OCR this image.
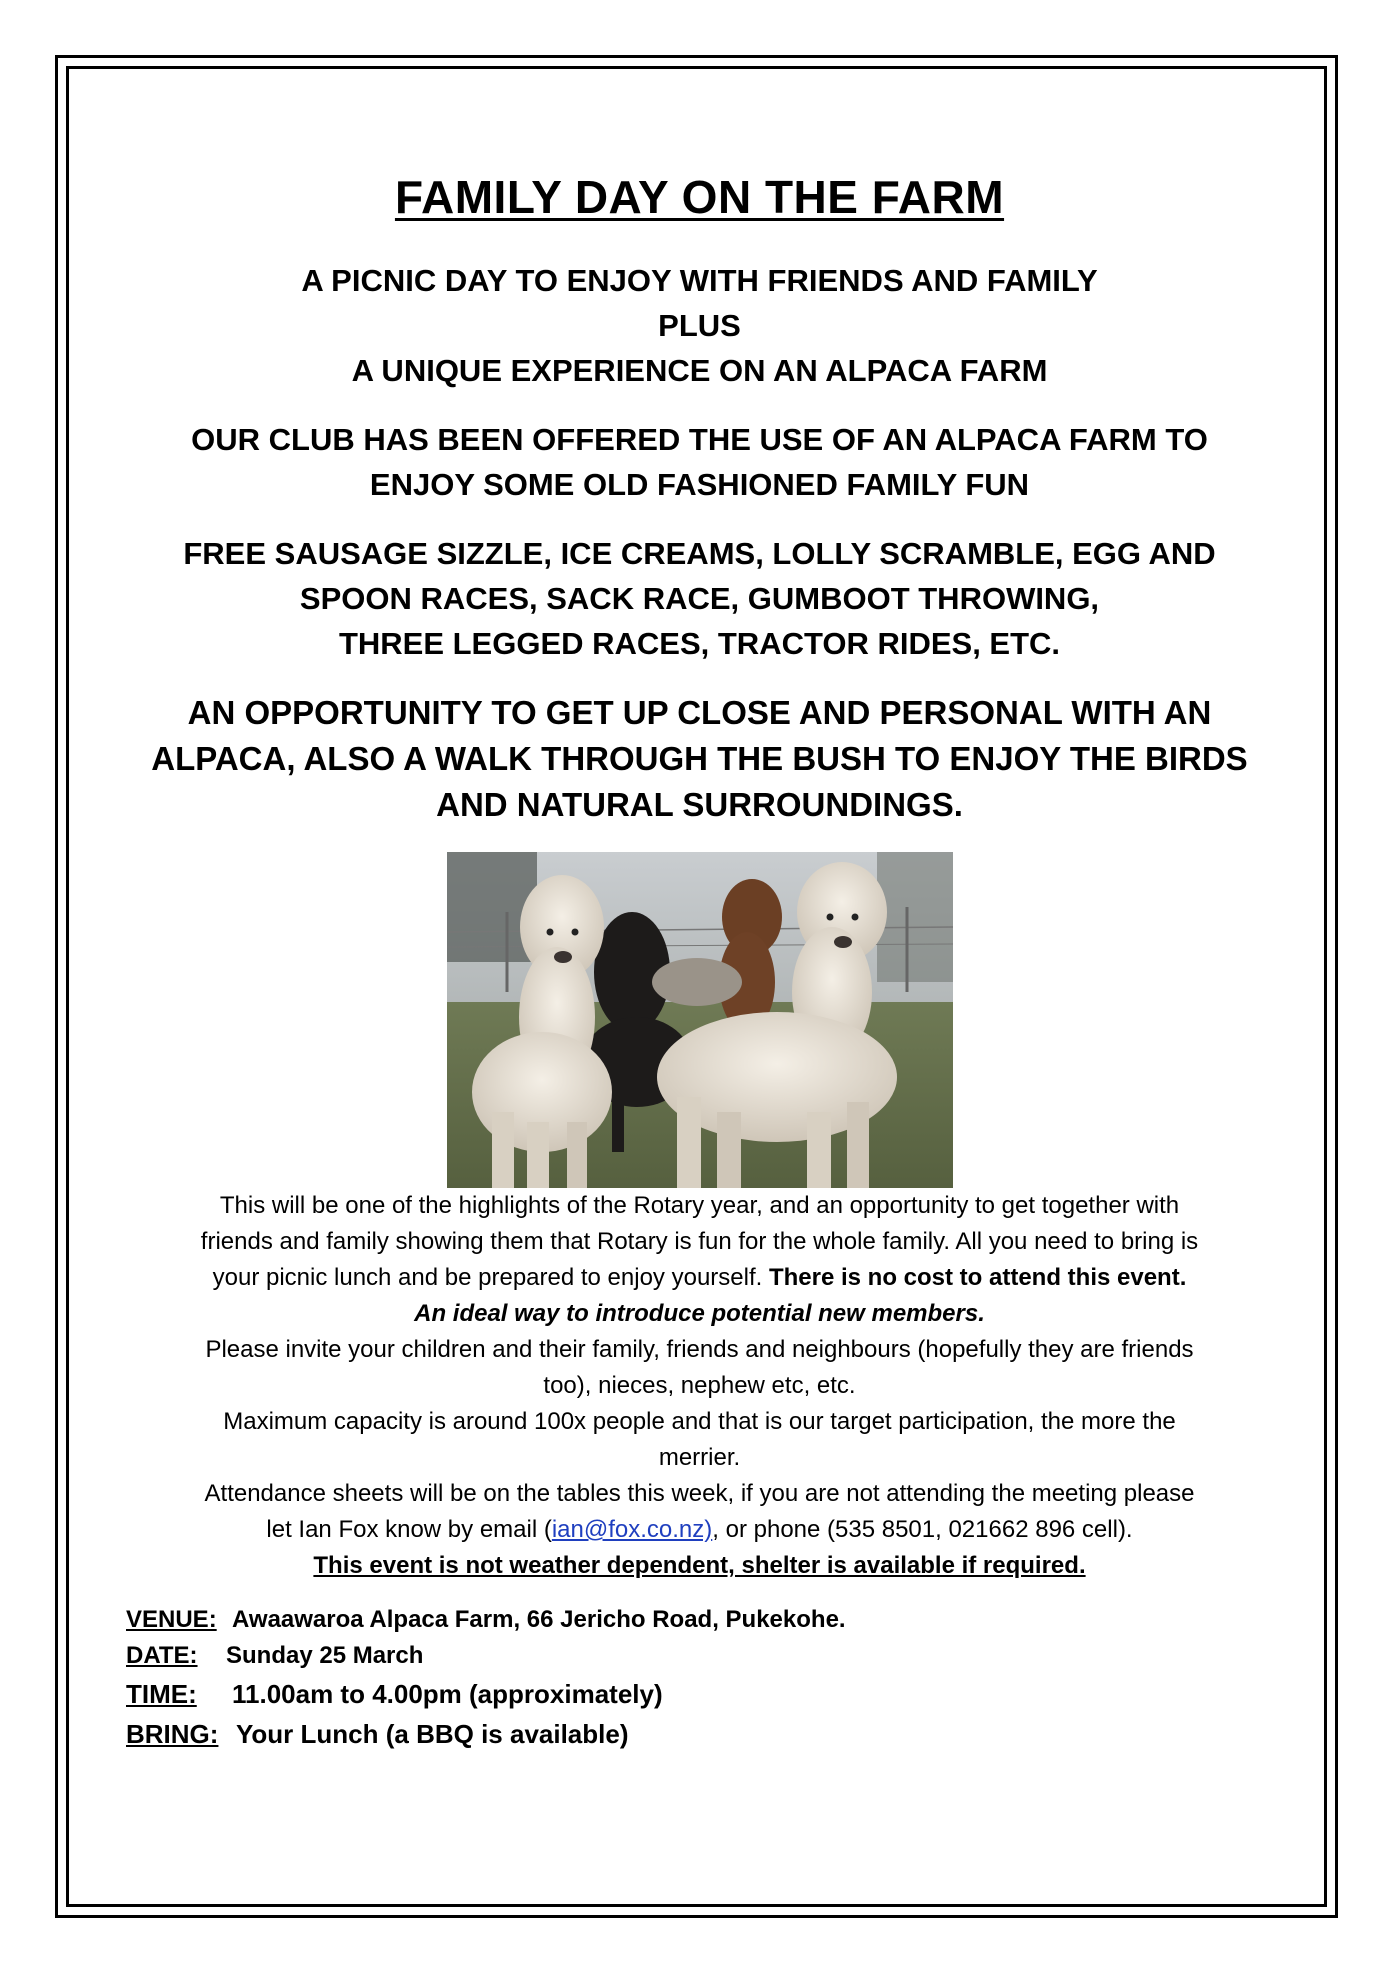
FAMILY DAY ON THE FARM
A PICNIC DAY TO ENJOY WITH FRIENDS AND FAMILY
PLUS
A UNIQUE EXPERIENCE ON AN ALPACA FARM
OUR CLUB HAS BEEN OFFERED THE USE OF AN ALPACA FARM TO
ENJOY SOME OLD FASHIONED FAMILY FUN
FREE SAUSAGE SIZZLE, ICE CREAMS, LOLLY SCRAMBLE, EGG AND
SPOON RACES, SACK RACE, GUMBOOT THROWING,
THREE LEGGED RACES, TRACTOR RIDES, ETC.
AN OPPORTUNITY TO GET UP CLOSE AND PERSONAL WITH AN
ALPACA, ALSO A WALK THROUGH THE BUSH TO ENJOY THE BIRDS
AND NATURAL SURROUNDINGS.
This will be one of the highlights of the Rotary year, and an opportunity to get together with
friends and family showing them that Rotary is fun for the whole family. All you need to bring is
your picnic lunch and be prepared to enjoy yourself. There is no cost to attend this event.
An ideal way to introduce potential new members.
Please invite your children and their family, friends and neighbours (hopefully they are friends
too), nieces, nephew etc, etc.
Maximum capacity is around 100x people and that is our target participation, the more the
merrier.
Attendance sheets will be on the tables this week, if you are not attending the meeting please
let Ian Fox know by email (ian@fox.co.nz), or phone (535 8501, 021662 896 cell).
This event is not weather dependent, shelter is available if required.
VENUE: Awaawaroa Alpaca Farm, 66 Jericho Road, Pukekohe.
DATE: Sunday 25 March
TIME: 11.00am to 4.00pm (approximately)
BRING: Your Lunch (a BBQ is available)
